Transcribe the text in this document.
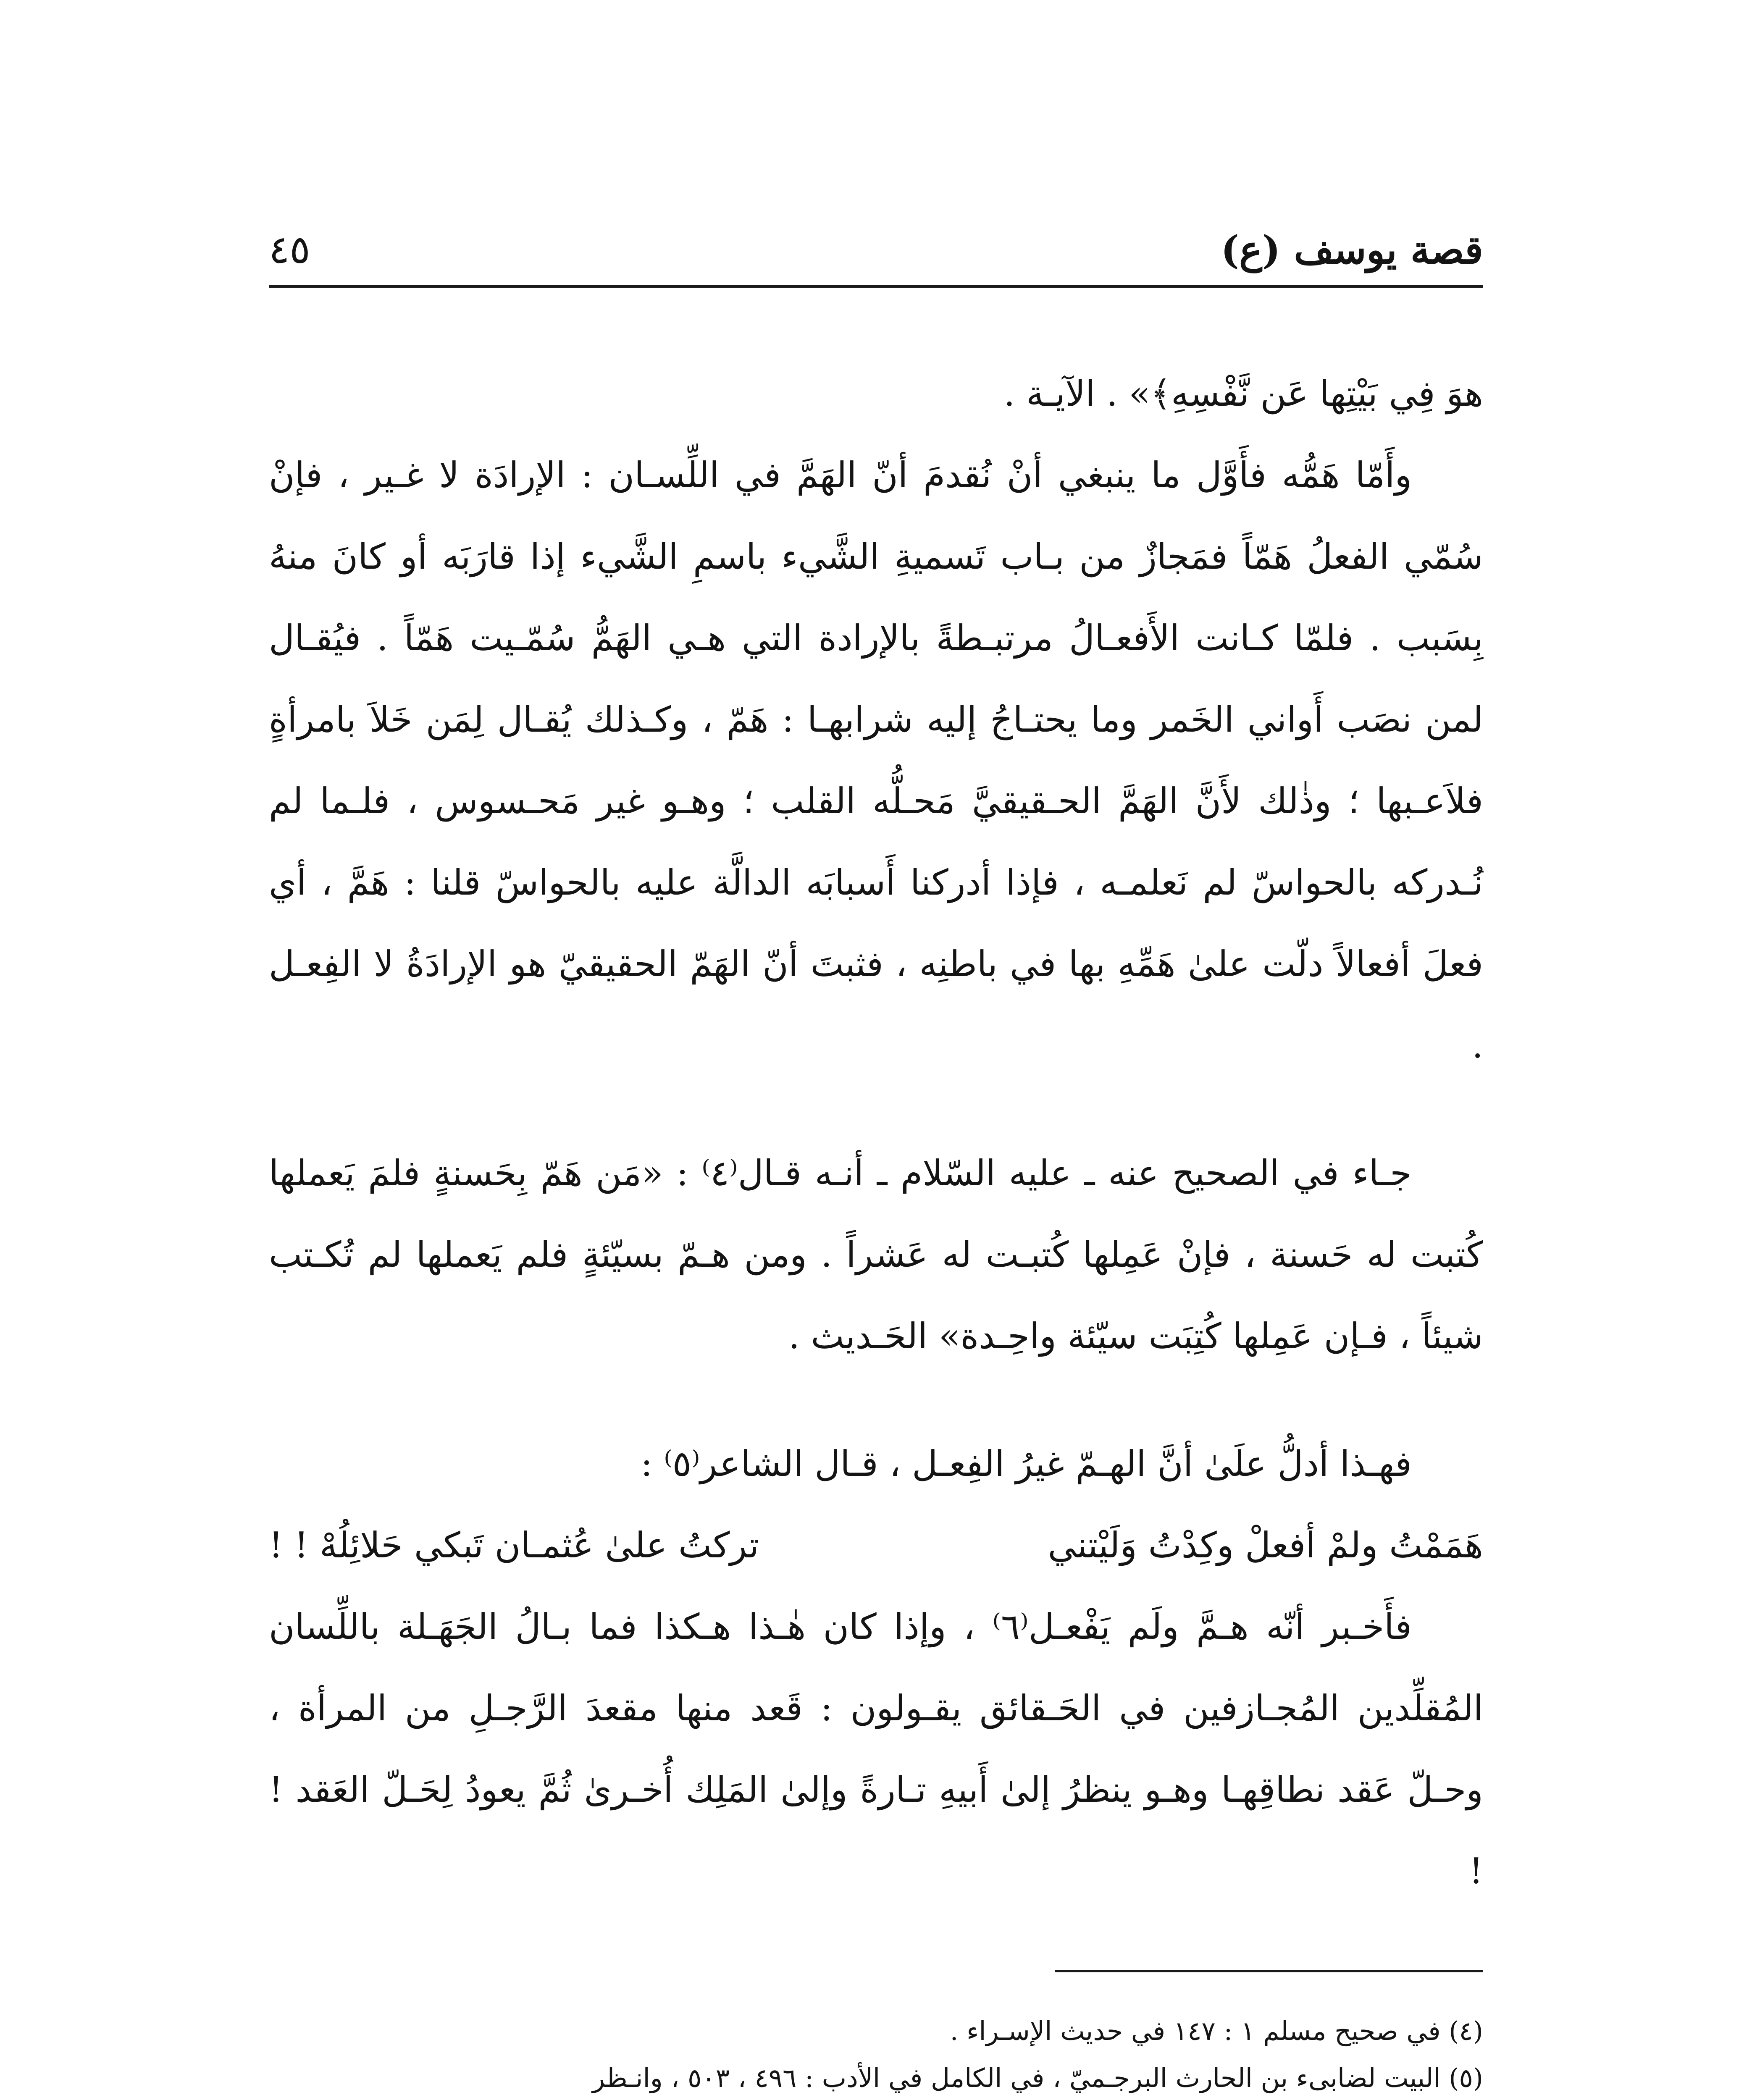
٤٥	قصة يوسف (ع)

هوَ فِي بَيْتِها عَن نَّفْسِهِ﴾» . الآيـة .

وأَمّا هَمُّه فأَوَّل ما ينبغي أنْ نُقدمَ أنّ الهَمَّ في اللِّسـان : الإرادَة لا غـير ، فإنْ سُمّي الفعلُ هَمّاً فمَجازٌ من بـاب تَسميةِ الشَّيء باسمِ الشَّيء إذا قارَبَه أو كانَ منهُ بِسَبب . فلمّا كـانت الأَفعـالُ مرتبـطةً بالإرادة التي هـي الهَمُّ سُمّـيت هَمّاً . فيُقـال لمن نصَب أَواني الخَمر وما يحتـاجُ إليه شرابهـا : هَمّ ، وكـذلك يُقـال لِمَن خَلاَ بامرأةٍ فلاَعـبها ؛ وذٰلك لأَنَّ الهَمَّ الحـقيقيَّ مَحـلُّه القلب ؛ وهـو غير مَحـسوس ، فلـما لم نُـدركه بالحواسّ لم نَعلمـه ، فإذا أدركنا أَسبابَه الدالَّة عليه بالحواسّ قلنا : هَمَّ ، أي فعلَ أفعالاً دلّت علىٰ هَمِّهِ بها في باطنِه ، فثبتَ أنّ الهَمّ الحقيقيّ هو الإرادَةُ لا الفِعـل .

جـاء في الصحيح عنه ـ عليه السّلام ـ أنـه قـال⁽٤⁾ : «مَن هَمّ بِحَسنةٍ فلمَ يَعملها كُتبت له حَسنة ، فإنْ عَمِلها كُتبـت له عَشراً . ومن هـمّ بسيّئةٍ فلم يَعملها لم تُكـتب شيئاً ، فـإن عَمِلها كُتِبَت سيّئة واحِـدة» الحَـديث .

فهـذا أدلُّ علَىٰ أنَّ الهـمّ غيرُ الفِعـل ، قـال الشاعر⁽٥⁾ :

هَمَمْتُ ولمْ أفعلْ وكِدْتُ وَلَيْتني
تركتُ علىٰ عُثمـان تَبكي حَلائِلُهْ ! !

فأَخـبر أنّه هـمَّ ولَم يَفْعـل⁽٦⁾ ، وإذا كان هٰـذا هـكذا فما بـالُ الجَهَـلة باللِّسان المُقلِّدين المُجـازفين في الحَـقائق يقـولون : قَعد منها مقعدَ الرَّجـلِ من المرأة ، وحـلّ عَقد نطاقِهـا وهـو ينظرُ إلىٰ أَبيهِ تـارةً وإلىٰ المَلِك أُخـرىٰ ثُمَّ يعودُ لِحَـلّ العَقد ! !

(٤) في صحيح مسلم ١ : ١٤٧ في حديث الإسـراء .

(٥) البيت لضابىء بن الحارث البرجـميّ ، في الكامل في الأدب : ٤٩٦ ، ٥٠٣ ، وانـظر
